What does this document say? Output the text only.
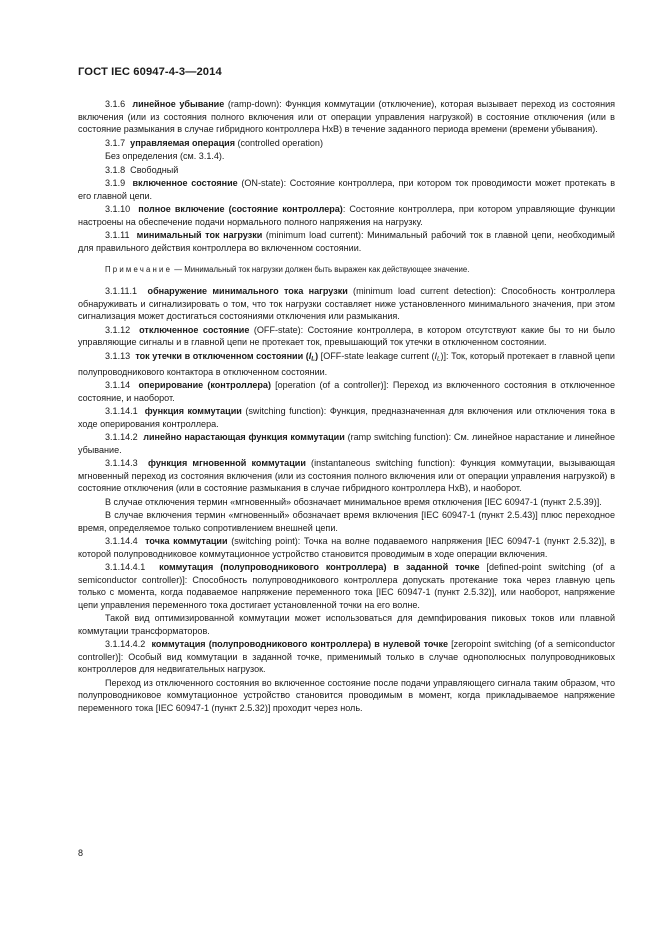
ГОСТ IEC 60947-4-3—2014

3.1.6 линейное убывание (ramp-down): Функция коммутации (отключение), которая вызывает переход из состояния включения (или из состояния полного включения или от операции управления нагрузкой) в состояние отключения (или в состояние размыкания в случае гибридного контроллера HxB) в течение заданного периода времени (времени убывания).

3.1.7 управляемая операция (controlled operation)

Без определения (см. 3.1.4).

3.1.8 Свободный

3.1.9 включенное состояние (ON-state): Состояние контроллера, при котором ток проводимости может протекать в его главной цепи.

3.1.10 полное включение (состояние контроллера): Состояние контроллера, при котором управляющие функции настроены на обеспечение подачи нормального полного напряжения на нагрузку.

3.1.11 минимальный ток нагрузки (minimum load current): Минимальный рабочий ток в главной цепи, необходимый для правильного действия контроллера во включенном состоянии.

Примечание — Минимальный ток нагрузки должен быть выражен как действующее значение.

3.1.11.1 обнаружение минимального тока нагрузки (minimum load current detection): Способность контроллера обнаруживать и сигнализировать о том, что ток нагрузки составляет ниже установленного минимального значения, при этом сигнализация может достигаться состояниями отключения или размыкания.

3.1.12 отключенное состояние (OFF-state): Состояние контроллера, в котором отсутствуют какие бы то ни было управляющие сигналы и в главной цепи не протекает ток, превышающий ток утечки в отключенном состоянии.

3.1.13 ток утечки в отключенном состоянии $(I_L)$ [OFF-state leakage current $(I_L)$]: Ток, который протекает в главной цепи полупроводникового контактора в отключенном состоянии.

3.1.14 оперирование (контроллера) [operation (of a controller)]: Переход из включенного состояния в отключенное состояние, и наоборот.

3.1.14.1 функция коммутации (switching function): Функция, предназначенная для включения или отключения тока в ходе оперирования контроллера.

3.1.14.2 линейно нарастающая функция коммутации (ramp switching function): См. линейное нарастание и линейное убывание.

3.1.14.3 функция мгновенной коммутации (instantaneous switching function): Функция коммутации, вызывающая мгновенный переход из состояния включения (или из состояния полного включения или от операции управления нагрузкой) в состояние отключения (или в состояние размыкания в случае гибридного контроллера HxB), и наоборот.

В случае отключения термин «мгновенный» обозначает минимальное время отключения [IEC 60947-1 (пункт 2.5.39)].

В случае включения термин «мгновенный» обозначает время включения [IEC 60947-1 (пункт 2.5.43)] плюс переходное время, определяемое только сопротивлением внешней цепи.

3.1.14.4 точка коммутации (switching point): Точка на волне подаваемого напряжения [IEC 60947-1 (пункт 2.5.32)], в которой полупроводниковое коммутационное устройство становится проводимым в ходе операции включения.

3.1.14.4.1 коммутация (полупроводникового контроллера) в заданной точке [defined-point switching (of a semiconductor controller)]: Способность полупроводникового контроллера допускать протекание тока через главную цепь только с момента, когда подаваемое напряжение переменного тока [IEC 60947-1 (пункт 2.5.32)], или наоборот, напряжение цепи управления переменного тока достигает установленной точки на его волне.

Такой вид оптимизированной коммутации может использоваться для демпфирования пиковых токов или плавной коммутации трансформаторов.

3.1.14.4.2 коммутация (полупроводникового контроллера) в нулевой точке [zeropoint switching (of a semiconductor controller)]: Особый вид коммутации в заданной точке, применимый только в случае однополюсных полупроводниковых контроллеров для недвигательных нагрузок.

Переход из отключенного состояния во включенное состояние после подачи управляющего сигнала таким образом, что полупроводниковое коммутационное устройство становится проводимым в момент, когда прикладываемое напряжение переменного тока [IEC 60947-1 (пункт 2.5.32)] проходит через ноль.

8
